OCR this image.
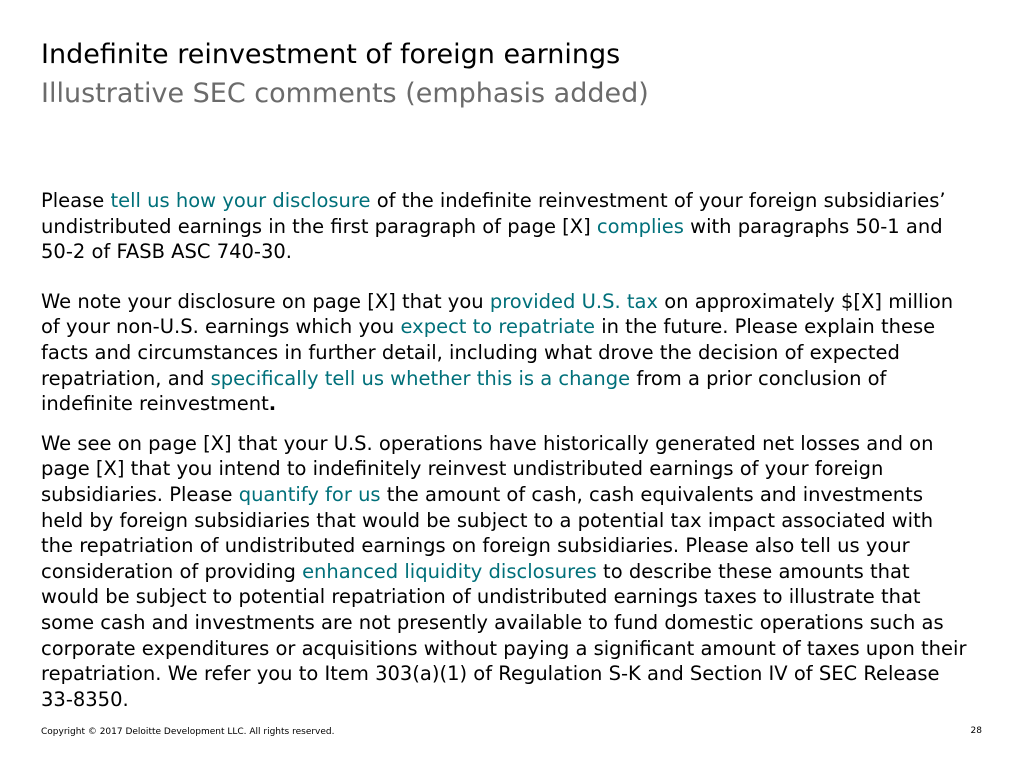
Indefinite reinvestment of foreign earnings
Illustrative SEC comments (emphasis added)

Please tell us how your disclosure of the indefinite reinvestment of your foreign subsidiaries’ undistributed earnings in the first paragraph of page [X] complies with paragraphs 50-1 and 50-2 of FASB ASC 740-30.

We note your disclosure on page [X] that you provided U.S. tax on approximately $[X] million of your non-U.S. earnings which you expect to repatriate in the future. Please explain these facts and circumstances in further detail, including what drove the decision of expected repatriation, and specifically tell us whether this is a change from a prior conclusion of indefinite reinvestment.

We see on page [X] that your U.S. operations have historically generated net losses and on page [X] that you intend to indefinitely reinvest undistributed earnings of your foreign subsidiaries. Please quantify for us the amount of cash, cash equivalents and investments held by foreign subsidiaries that would be subject to a potential tax impact associated with the repatriation of undistributed earnings on foreign subsidiaries. Please also tell us your consideration of providing enhanced liquidity disclosures to describe these amounts that would be subject to potential repatriation of undistributed earnings taxes to illustrate that some cash and investments are not presently available to fund domestic operations such as corporate expenditures or acquisitions without paying a significant amount of taxes upon their repatriation. We refer you to Item 303(a)(1) of Regulation S-K and Section IV of SEC Release 33-8350.

Copyright © 2017 Deloitte Development LLC. All rights reserved.	28
